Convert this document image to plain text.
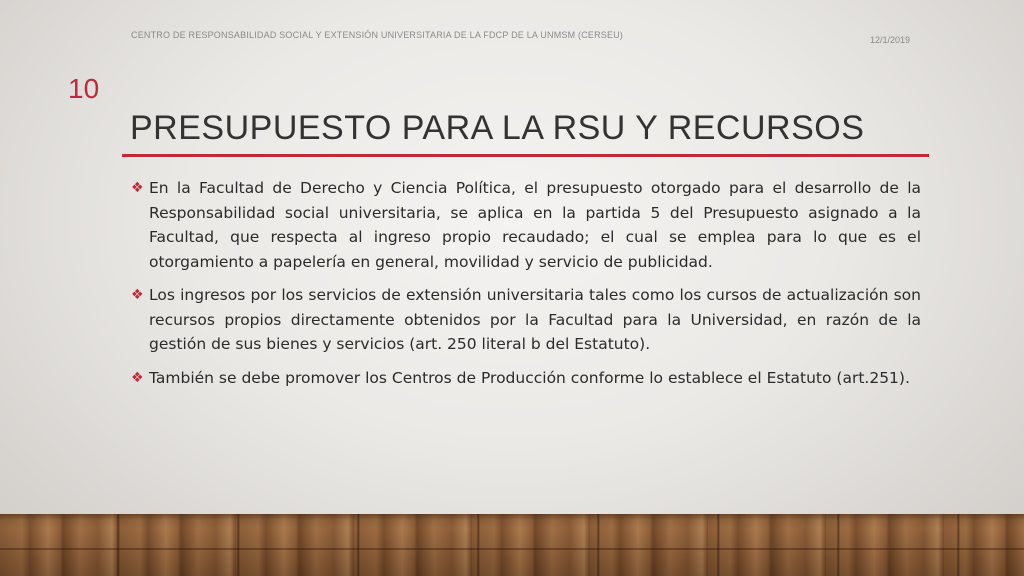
CENTRO DE RESPONSABILIDAD SOCIAL Y EXTENSIÓN UNIVERSITARIA DE LA FDCP DE LA UNMSM (CERSEU)	12/1/2019
10
PRESUPUESTO PARA LA RSU Y RECURSOS
❖ En la Facultad de Derecho y Ciencia Política, el presupuesto otorgado para el desarrollo de la Responsabilidad social universitaria, se aplica en la partida 5 del Presupuesto asignado a la Facultad, que respecta al ingreso propio recaudado; el cual se emplea para lo que es el otorgamiento a papelería en general, movilidad y servicio de publicidad.
❖ Los ingresos por los servicios de extensión universitaria tales como los cursos de actualización son recursos propios directamente obtenidos por la Facultad para la Universidad, en razón de la gestión de sus bienes y servicios (art. 250 literal b del Estatuto).
❖ También se debe promover los Centros de Producción conforme lo establece el Estatuto (art.251).
